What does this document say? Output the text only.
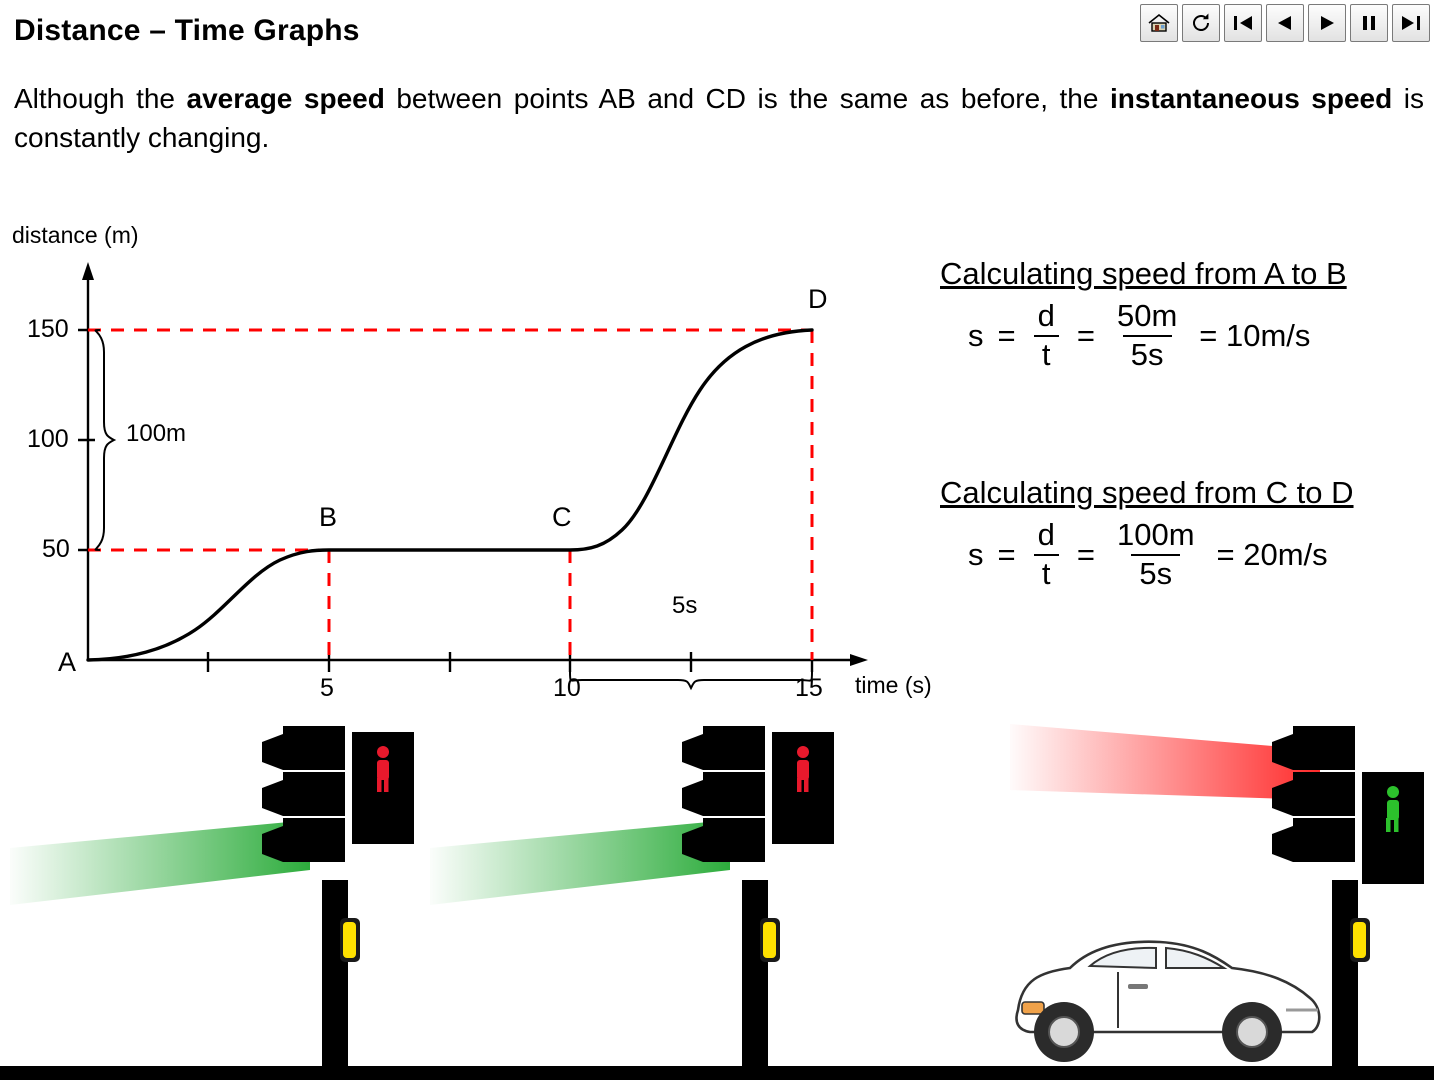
Distance – Time Graphs
Although the average speed between points AB and CD is the same as before, the instantaneous speed is constantly changing.
distance (m)
time (s)
150
100
50
5	10	15
A
B	C
D
100m
5s
Calculating speed from A to B
$s = \frac{d}{t} = \frac{50m}{5s} = 10m/s$
Calculating speed from C to D
$s = \frac{d}{t} = \frac{100m}{5s} = 20m/s$
